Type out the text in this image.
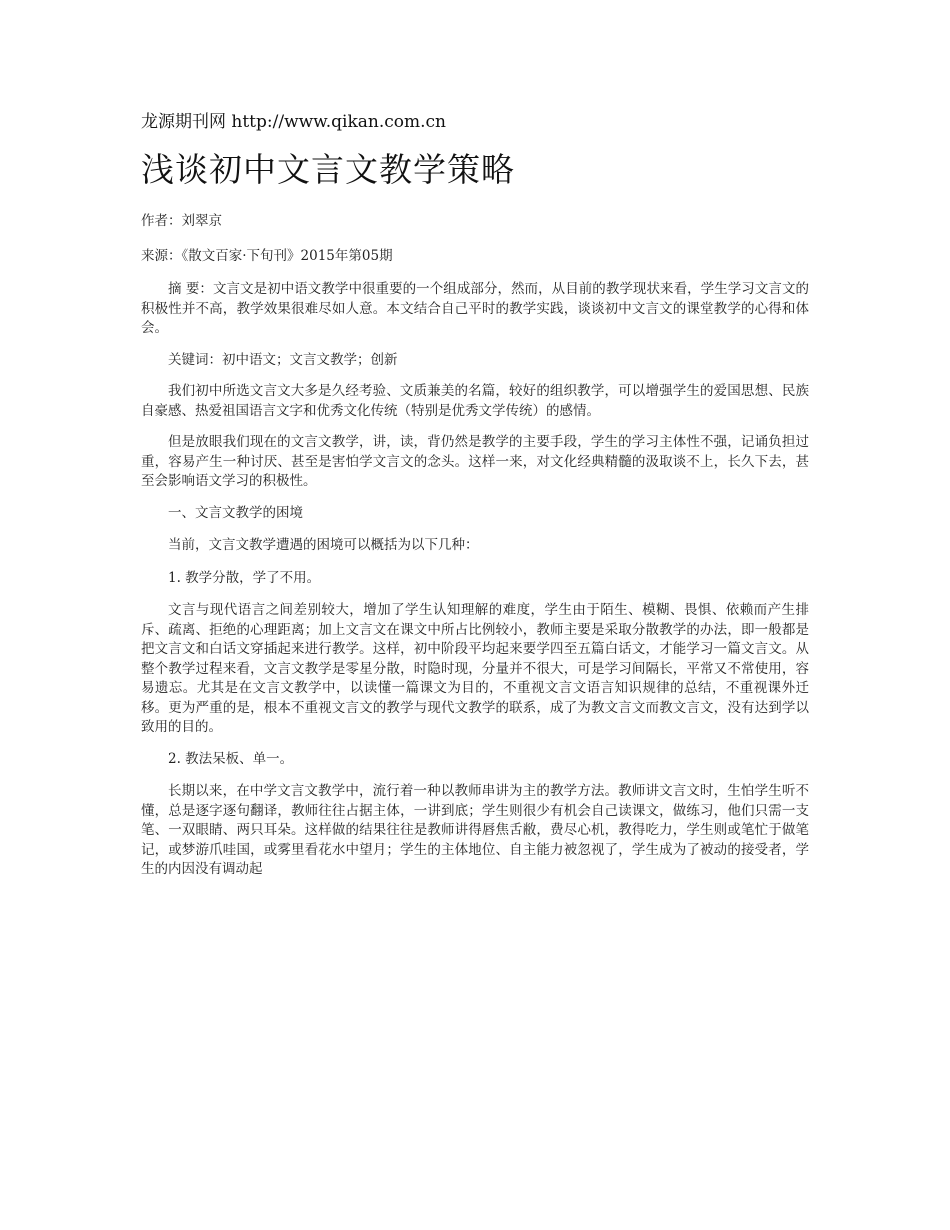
龙源期刊网 http://www.qikan.com.cn
浅谈初中文言文教学策略
作者：刘翠京
来源：《散文百家·下旬刊》2015年第05期

摘 要：文言文是初中语文教学中很重要的一个组成部分，然而，从目前的教学现状来看，学生学习文言文的积极性并不高，教学效果很难尽如人意。本文结合自己平时的教学实践，谈谈初中文言文的课堂教学的心得和体会。

关键词：初中语文；文言文教学；创新

我们初中所选文言文大多是久经考验、文质兼美的名篇，较好的组织教学，可以增强学生的爱国思想、民族自豪感、热爱祖国语言文字和优秀文化传统（特别是优秀文学传统）的感情。

但是放眼我们现在的文言文教学，讲，读，背仍然是教学的主要手段，学生的学习主体性不强，记诵负担过重，容易产生一种讨厌、甚至是害怕学文言文的念头。这样一来，对文化经典精髓的汲取谈不上，长久下去，甚至会影响语文学习的积极性。

一、文言文教学的困境

当前，文言文教学遭遇的困境可以概括为以下几种：

1. 教学分散，学了不用。

文言与现代语言之间差别较大，增加了学生认知理解的难度，学生由于陌生、模糊、畏惧、依赖而产生排斥、疏离、拒绝的心理距离；加上文言文在课文中所占比例较小，教师主要是采取分散教学的办法，即一般都是把文言文和白话文穿插起来进行教学。这样，初中阶段平均起来要学四至五篇白话文，才能学习一篇文言文。从整个教学过程来看，文言文教学是零星分散，时隐时现，分量并不很大，可是学习间隔长，平常又不常使用，容易遗忘。尤其是在文言文教学中，以读懂一篇课文为目的，不重视文言文语言知识规律的总结，不重视课外迁移。更为严重的是，根本不重视文言文的教学与现代文教学的联系，成了为教文言文而教文言文，没有达到学以致用的目的。

2. 教法呆板、单一。

长期以来，在中学文言文教学中，流行着一种以教师串讲为主的教学方法。教师讲文言文时，生怕学生听不懂，总是逐字逐句翻译，教师往往占据主体，一讲到底；学生则很少有机会自己读课文，做练习，他们只需一支笔、一双眼睛、两只耳朵。这样做的结果往往是教师讲得唇焦舌敝，费尽心机，教得吃力，学生则或笔忙于做笔记，或梦游爪哇国，或雾里看花水中望月；学生的主体地位、自主能力被忽视了，学生成为了被动的接受者，学生的内因没有调动起
